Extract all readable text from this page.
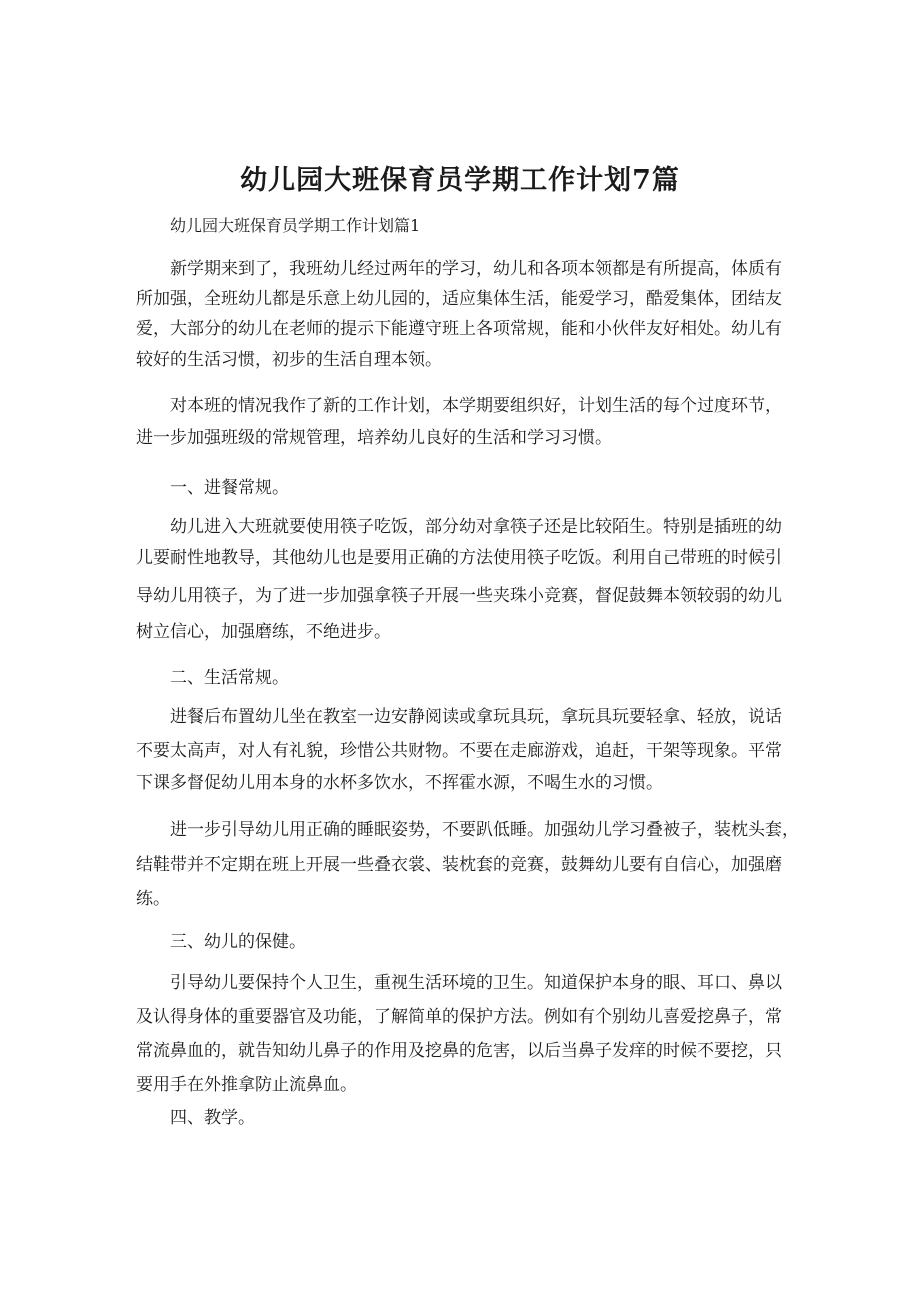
幼儿园大班保育员学期工作计划7篇

幼儿园大班保育员学期工作计划篇1

新学期来到了，我班幼儿经过两年的学习，幼儿和各项本领都是有所提高，体质有

所加强，全班幼儿都是乐意上幼儿园的，适应集体生活，能爱学习，酷爱集体，团结友

爱，大部分的幼儿在老师的提示下能遵守班上各项常规，能和小伙伴友好相处。幼儿有

较好的生活习惯，初步的生活自理本领。

对本班的情况我作了新的工作计划，本学期要组织好，计划生活的每个过度环节，

进一步加强班级的常规管理，培养幼儿良好的生活和学习习惯。

一、进餐常规。

幼儿进入大班就要使用筷子吃饭，部分幼对拿筷子还是比较陌生。特别是插班的幼

儿要耐性地教导，其他幼儿也是要用正确的方法使用筷子吃饭。利用自己带班的时候引

导幼儿用筷子，为了进一步加强拿筷子开展一些夹珠小竞赛，督促鼓舞本领较弱的幼儿

树立信心，加强磨练，不绝进步。

二、生活常规。

进餐后布置幼儿坐在教室一边安静阅读或拿玩具玩，拿玩具玩要轻拿、轻放，说话

不要太高声，对人有礼貌，珍惜公共财物。不要在走廊游戏，追赶，干架等现象。平常

下课多督促幼儿用本身的水杯多饮水，不挥霍水源，不喝生水的习惯。

进一步引导幼儿用正确的睡眠姿势，不要趴低睡。加强幼儿学习叠被子，装枕头套，

结鞋带并不定期在班上开展一些叠衣裳、装枕套的竞赛，鼓舞幼儿要有自信心，加强磨

练。

三、幼儿的保健。

引导幼儿要保持个人卫生，重视生活环境的卫生。知道保护本身的眼、耳口、鼻以

及认得身体的重要器官及功能，了解简单的保护方法。例如有个别幼儿喜爱挖鼻子，常

常流鼻血的，就告知幼儿鼻子的作用及挖鼻的危害，以后当鼻子发痒的时候不要挖，只

要用手在外推拿防止流鼻血。

四、教学。
